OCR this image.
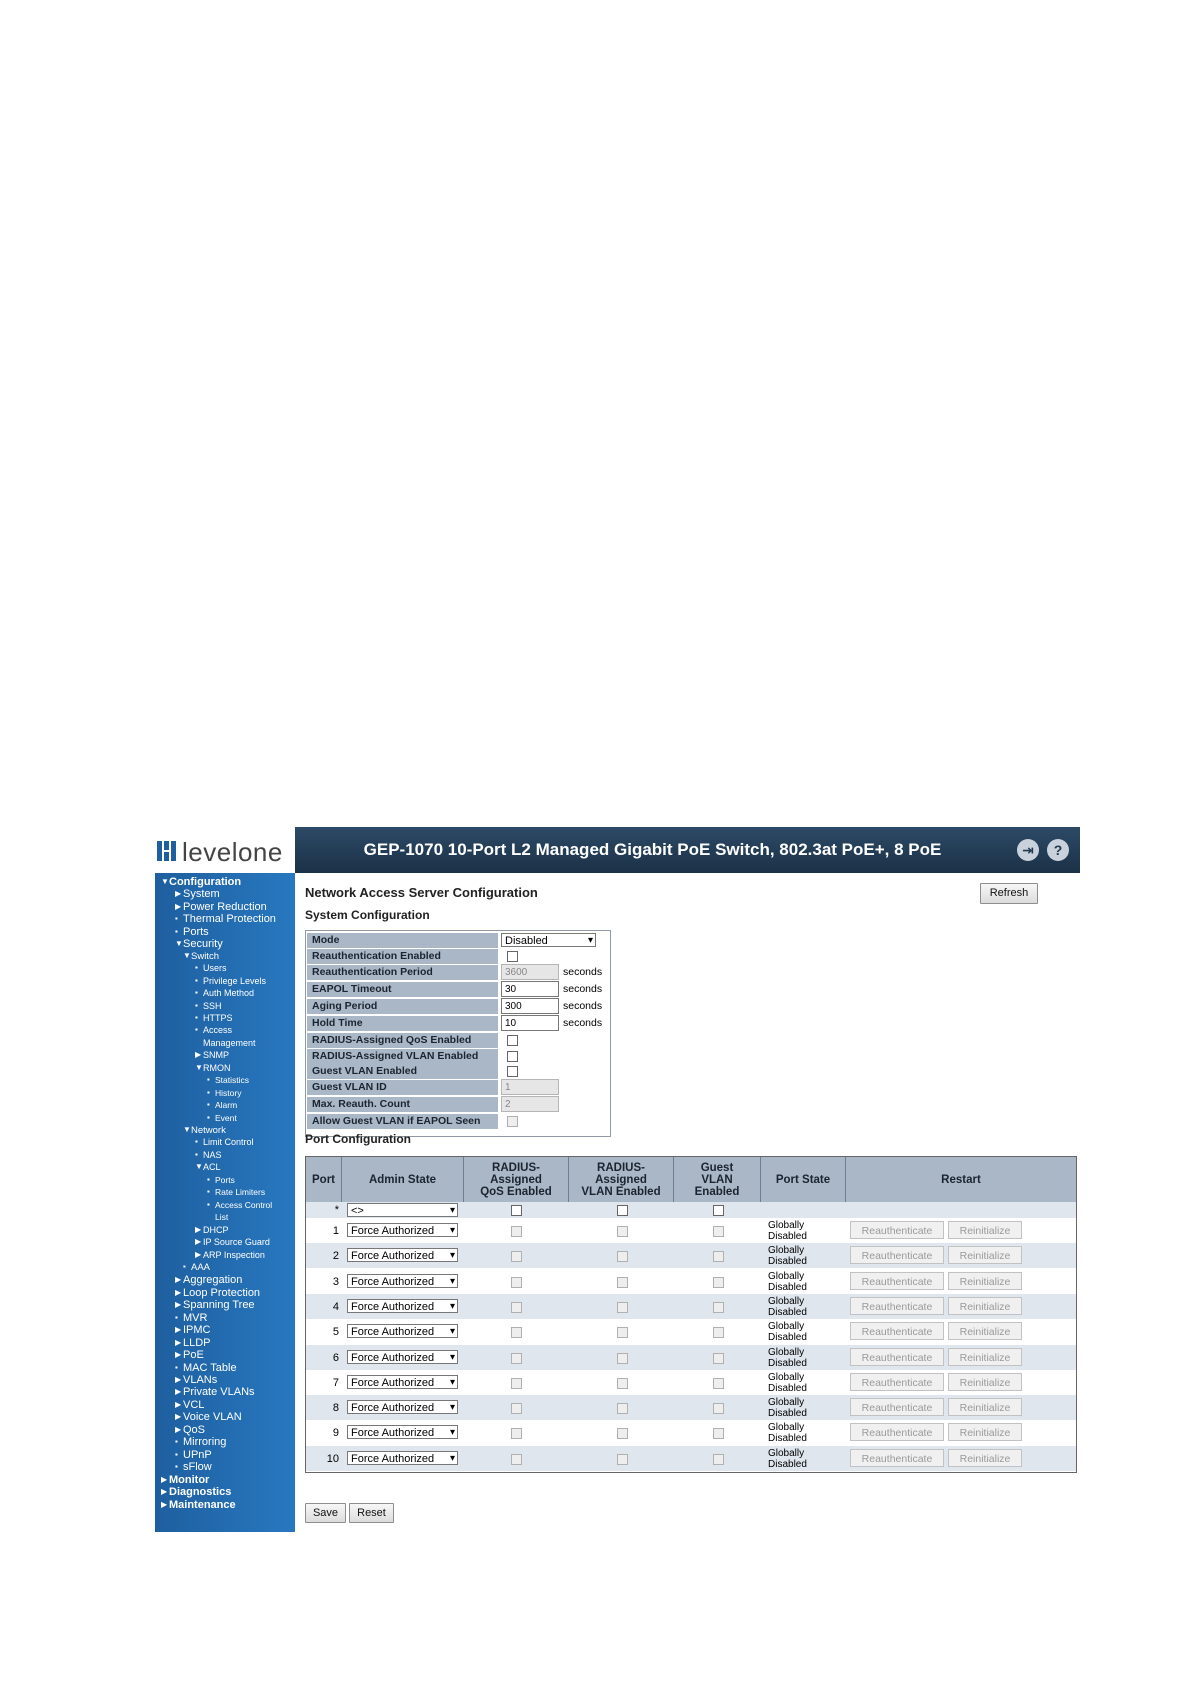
levelone	GEP-1070 10-Port L2 Managed Gigabit PoE Switch, 802.3at PoE+, 8 PoE	⇥	?
▼Configuration
▶ System
▶ Power Reduction
▪ Thermal Protection
▪ Ports
▼Security
▼Switch
▪ Users
▪ Privilege Levels
▪ Auth Method
▪ SSH
▪ HTTPS
▪ Access
Management
▶ SNMP
▼RMON
▪ Statistics
▪ History
▪ Alarm
▪ Event
▼Network
▪ Limit Control
▪ NAS
▼ACL
▪ Ports
▪ Rate Limiters
▪ Access Control
List
▶ DHCP
▶ IP Source Guard
▶ ARP Inspection
▪ AAA
▶ Aggregation
▶ Loop Protection
▶ Spanning Tree
▪ MVR
▶ IPMC
▶ LLDP
▶ PoE
▪ MAC Table
▶ VLANs
▶ Private VLANs
▶ VCL
▶ Voice VLAN
▶ QoS
▪ Mirroring
▪ UPnP
▪ sFlow
▶ Monitor
▶ Diagnostics
▶ Maintenance
Network Access Server Configuration	Refresh
System Configuration
Mode	Disabled	▾
Reauthentication Enabled
Reauthentication Period	3600	seconds
EAPOL Timeout	30	seconds
Aging Period	300	seconds
Hold Time	10	seconds
RADIUS-Assigned QoS Enabled
RADIUS-Assigned VLAN Enabled
Guest VLAN Enabled
Guest VLAN ID	1
Max. Reauth. Count	2
Allow Guest VLAN if EAPOL Seen
Port Configuration
Port	Admin State
RADIUS-
Assigned
QoS Enabled
RADIUS-
Assigned
VLAN Enabled
Guest
VLAN
Enabled
Port State	Restart
*	<>	▾
1	Force Authorized ▾	Globally
Disabled	Reauthenticate	Reinitialize
2	Force Authorized ▾	Globally
Disabled	Reauthenticate	Reinitialize
3	Force Authorized ▾	Globally
Disabled	Reauthenticate	Reinitialize
4	Force Authorized ▾	Globally
Disabled	Reauthenticate	Reinitialize
5	Force Authorized ▾	Globally
Disabled	Reauthenticate	Reinitialize
6	Force Authorized ▾	Globally
Disabled	Reauthenticate	Reinitialize
7	Force Authorized ▾	Globally
Disabled	Reauthenticate	Reinitialize
8	Force Authorized ▾	Globally
Disabled	Reauthenticate	Reinitialize
9	Force Authorized ▾	Globally
Disabled	Reauthenticate	Reinitialize
10	Force Authorized ▾	Globally
Disabled	Reauthenticate	Reinitialize
Save	Reset
